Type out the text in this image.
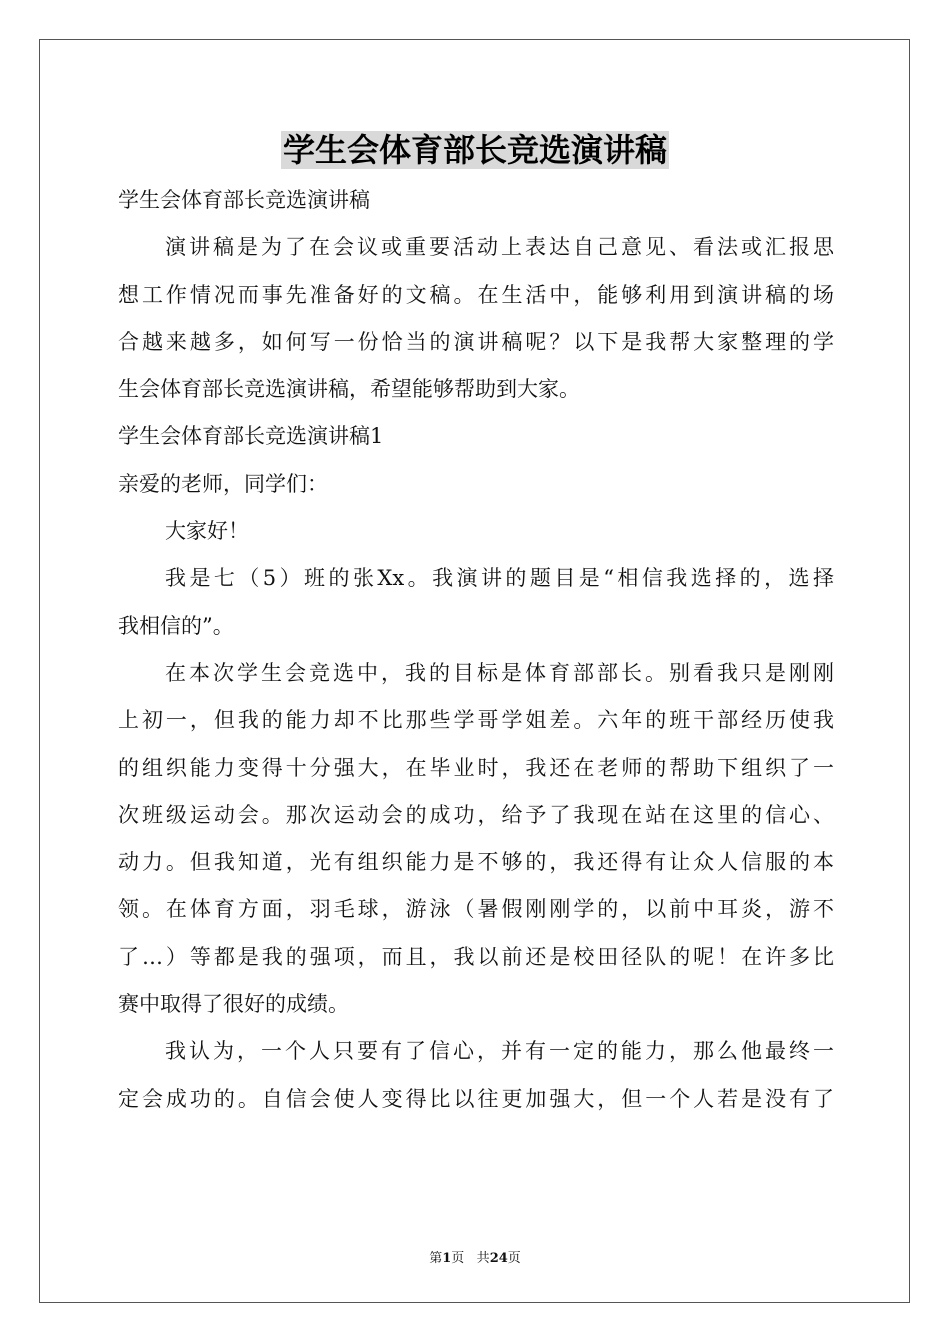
学生会体育部长竞选演讲稿
学生会体育部长竞选演讲稿
演讲稿是为了在会议或重要活动上表达自己意见、看法或汇报思
想工作情况而事先准备好的文稿。在生活中，能够利用到演讲稿的场
合越来越多，如何写一份恰当的演讲稿呢？以下是我帮大家整理的学
生会体育部长竞选演讲稿，希望能够帮助到大家。
学生会体育部长竞选演讲稿1
亲爱的老师，同学们：
大家好！
我是七（5）班的张Xx。我演讲的题目是“相信我选择的，选择
我相信的”。
在本次学生会竞选中，我的目标是体育部部长。别看我只是刚刚
上初一，但我的能力却不比那些学哥学姐差。六年的班干部经历使我
的组织能力变得十分强大，在毕业时，我还在老师的帮助下组织了一
次班级运动会。那次运动会的成功，给予了我现在站在这里的信心、
动力。但我知道，光有组织能力是不够的，我还得有让众人信服的本
领。在体育方面，羽毛球，游泳（暑假刚刚学的，以前中耳炎，游不
了…）等都是我的强项，而且，我以前还是校田径队的呢！在许多比
赛中取得了很好的成绩。
我认为，一个人只要有了信心，并有一定的能力，那么他最终一
定会成功的。自信会使人变得比以往更加强大，但一个人若是没有了
第1页 共24页
